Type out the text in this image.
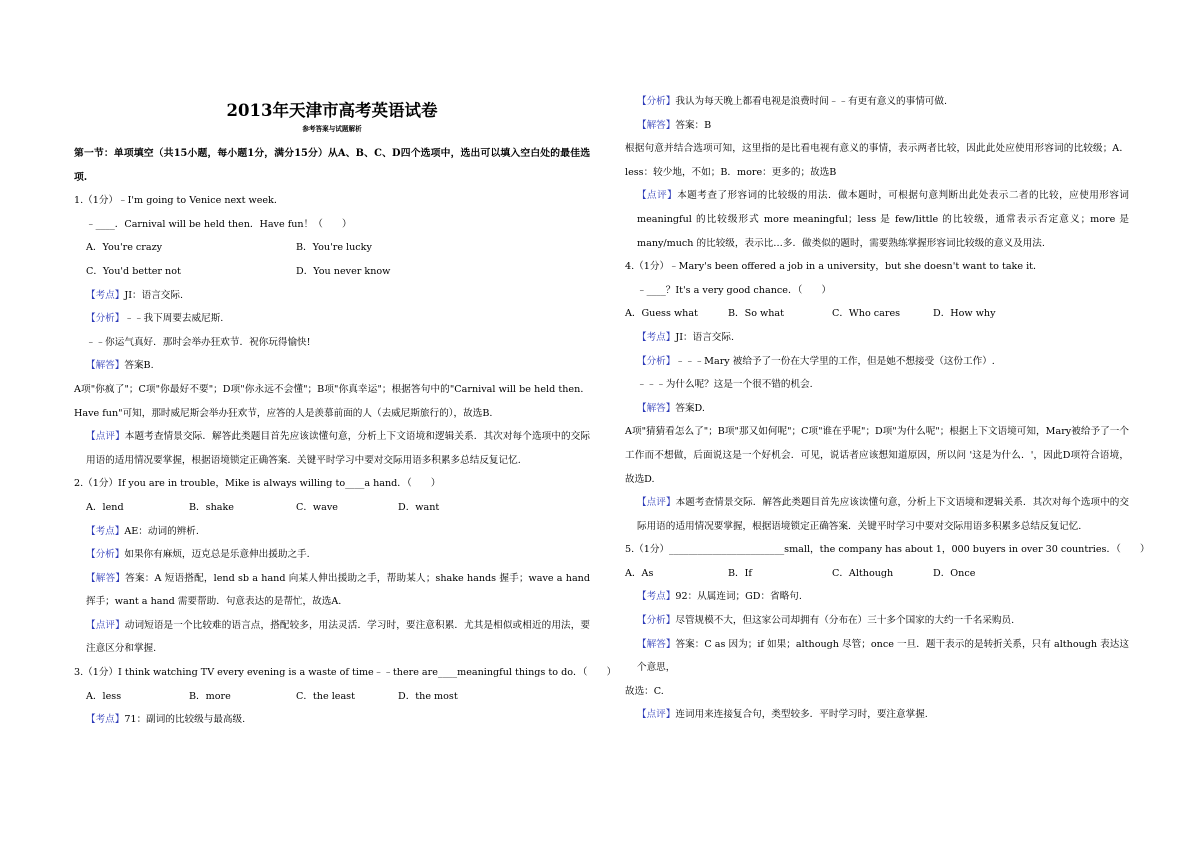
2013年天津市高考英语试卷
参考答案与试题解析
第一节：单项填空（共15小题，每小题1分，满分15分）从A、B、C、D四个选项中，选出可以填入空白处的最佳选项.
1.（1分）﹣I'm going to Venice next week．
﹣____．Carnival will be held then．Have fun！（　　）
A．You're crazy	B．You're lucky
C．You'd better not	D．You never know
【考点】JI：语言交际.
【分析】﹣﹣我下周要去威尼斯.
﹣﹣你运气真好．那时会举办狂欢节．祝你玩得愉快!
【解答】答案B.
A项"你疯了"；C项"你最好不要"；D项"你永远不会懂"；B项"你真幸运"；根据答句中的"Carnival will be held then．Have fun"可知，那时威尼斯会举办狂欢节，应答的人是羡慕前面的人（去威尼斯旅行的），故选B.
【点评】本题考查情景交际．解答此类题目首先应该读懂句意，分析上下文语境和逻辑关系．其次对每个选项中的交际用语的适用情况要掌握，根据语境锁定正确答案．关键平时学习中要对交际用语多积累多总结反复记忆.
2.（1分）If you are in trouble，Mike is always willing to____a hand．（　　）
A．lend	B．shake	C．wave	D．want
【考点】AE：动词的辨析.
【分析】如果你有麻烦，迈克总是乐意伸出援助之手.
【解答】答案：A 短语搭配，lend sb a hand 向某人伸出援助之手，帮助某人；shake hands 握手；wave a hand 挥手；want a hand 需要帮助．句意表达的是帮忙，故选A.
【点评】动词短语是一个比较难的语言点，搭配较多，用法灵活．学习时，要注意积累．尤其是相似或相近的用法，要注意区分和掌握.
3.（1分）I think watching TV every evening is a waste of time﹣﹣there are____meaningful things to do．（　　）
A．less	B．more	C．the least	D．the most
【考点】71：副词的比较级与最高级.
【分析】我认为每天晚上都看电视是浪费时间﹣﹣有更有意义的事情可做.
【解答】答案：B
根据句意并结合选项可知，这里指的是比看电视有意义的事情，表示两者比较，因此此处应使用形容词的比较级；A．less：较少地，不如；B．more：更多的；故选B
【点评】本题考查了形容词的比较级的用法．做本题时，可根据句意判断出此处表示二者的比较，应使用形容词 meaningful 的比较级形式 more meaningful；less 是 few/little 的比较级，通常表示否定意义；more 是 many/much 的比较级，表示比…多．做类似的题时，需要熟练掌握形容词比较级的意义及用法.
4.（1分）﹣Mary's been offered a job in a university，but she doesn't want to take it．
﹣____？It's a very good chance．（　　）
A．Guess what	B．So what	C．Who cares	D．How why
【考点】JI：语言交际.
【分析】﹣﹣﹣Mary 被给予了一份在大学里的工作，但是她不想接受（这份工作）.
﹣﹣﹣为什么呢？这是一个很不错的机会.
【解答】答案D.
A项"猜猜看怎么了"；B项"那又如何呢"；C项"谁在乎呢"；D项"为什么呢"；根据上下文语境可知，Mary被给予了一个工作而不想做，后面说这是一个好机会．可见，说话者应该想知道原因，所以问 '这是为什么．'，因此D项符合语境，故选D.
【点评】本题考查情景交际．解答此类题目首先应该读懂句意，分析上下文语境和逻辑关系．其次对每个选项中的交际用语的适用情况要掌握，根据语境锁定正确答案．关键平时学习中要对交际用语多积累多总结反复记忆.
5.（1分）________________________small，the company has about 1，000 buyers in over 30 countries．（　　）
A．As	B．If	C．Although	D．Once
【考点】92：从属连词；GD：省略句.
【分析】尽管规模不大，但这家公司却拥有（分布在）三十多个国家的大约一千名采购员.
【解答】答案：C as 因为；if 如果；although 尽管；once 一旦．题干表示的是转折关系，只有 although 表达这个意思，
故选：C.
【点评】连词用来连接复合句，类型较多．平时学习时，要注意掌握.
